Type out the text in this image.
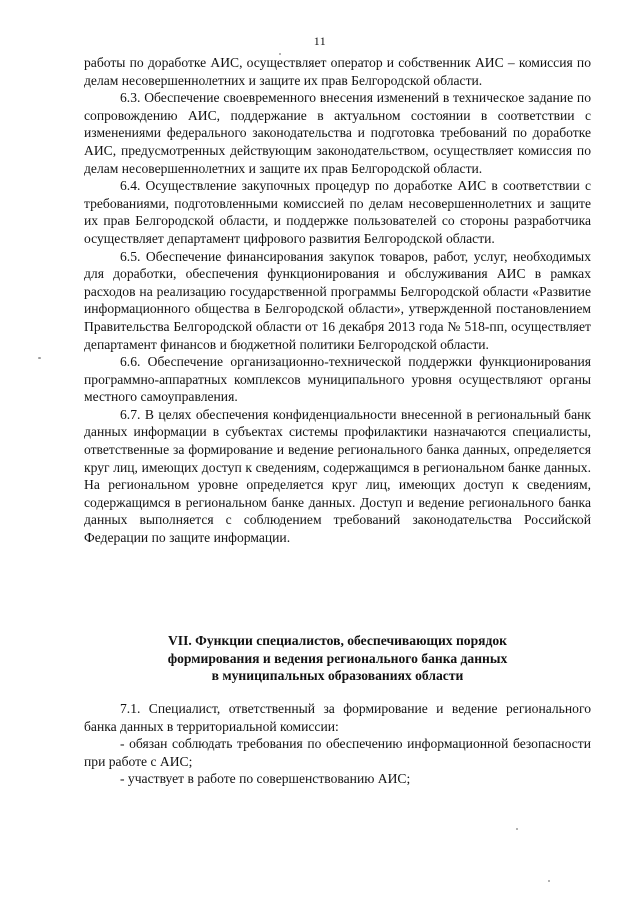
11

работы по доработке АИС, осуществляет оператор и собственник АИС – комиссия по делам несовершеннолетних и защите их прав Белгородской области.

6.3. Обеспечение своевременного внесения изменений в техническое задание по сопровождению АИС, поддержание в актуальном состоянии в соответствии с изменениями федерального законодательства и подготовка требований по доработке АИС, предусмотренных действующим законодательством, осуществляет комиссия по делам несовершеннолетних и защите их прав Белгородской области.

6.4. Осуществление закупочных процедур по доработке АИС в соответствии с требованиями, подготовленными комиссией по делам несовершеннолетних и защите их прав Белгородской области, и поддержке пользователей со стороны разработчика осуществляет департамент цифрового развития Белгородской области.

6.5. Обеспечение финансирования закупок товаров, работ, услуг, необходимых для доработки, обеспечения функционирования и обслуживания АИС в рамках расходов на реализацию государственной программы Белгородской области «Развитие информационного общества в Белгородской области», утвержденной постановлением Правительства Белгородской области от 16 декабря 2013 года № 518-пп, осуществляет департамент финансов и бюджетной политики Белгородской области.

6.6. Обеспечение организационно-технической поддержки функционирования программно-аппаратных комплексов муниципального уровня осуществляют органы местного самоуправления.

6.7. В целях обеспечения конфиденциальности внесенной в региональный банк данных информации в субъектах системы профилактики назначаются специалисты, ответственные за формирование и ведение регионального банка данных, определяется круг лиц, имеющих доступ к сведениям, содержащимся в региональном банке данных. На региональном уровне определяется круг лиц, имеющих доступ к сведениям, содержащимся в региональном банке данных. Доступ и ведение регионального банка данных выполняется с соблюдением требований законодательства Российской Федерации по защите информации.

VII. Функции специалистов, обеспечивающих порядок
формирования и ведения регионального банка данных
в муниципальных образованиях области

7.1. Специалист, ответственный за формирование и ведение регионального банка данных в территориальной комиссии:

- обязан соблюдать требования по обеспечению информационной безопасности при работе с АИС;

- участвует в работе по совершенствованию АИС;
